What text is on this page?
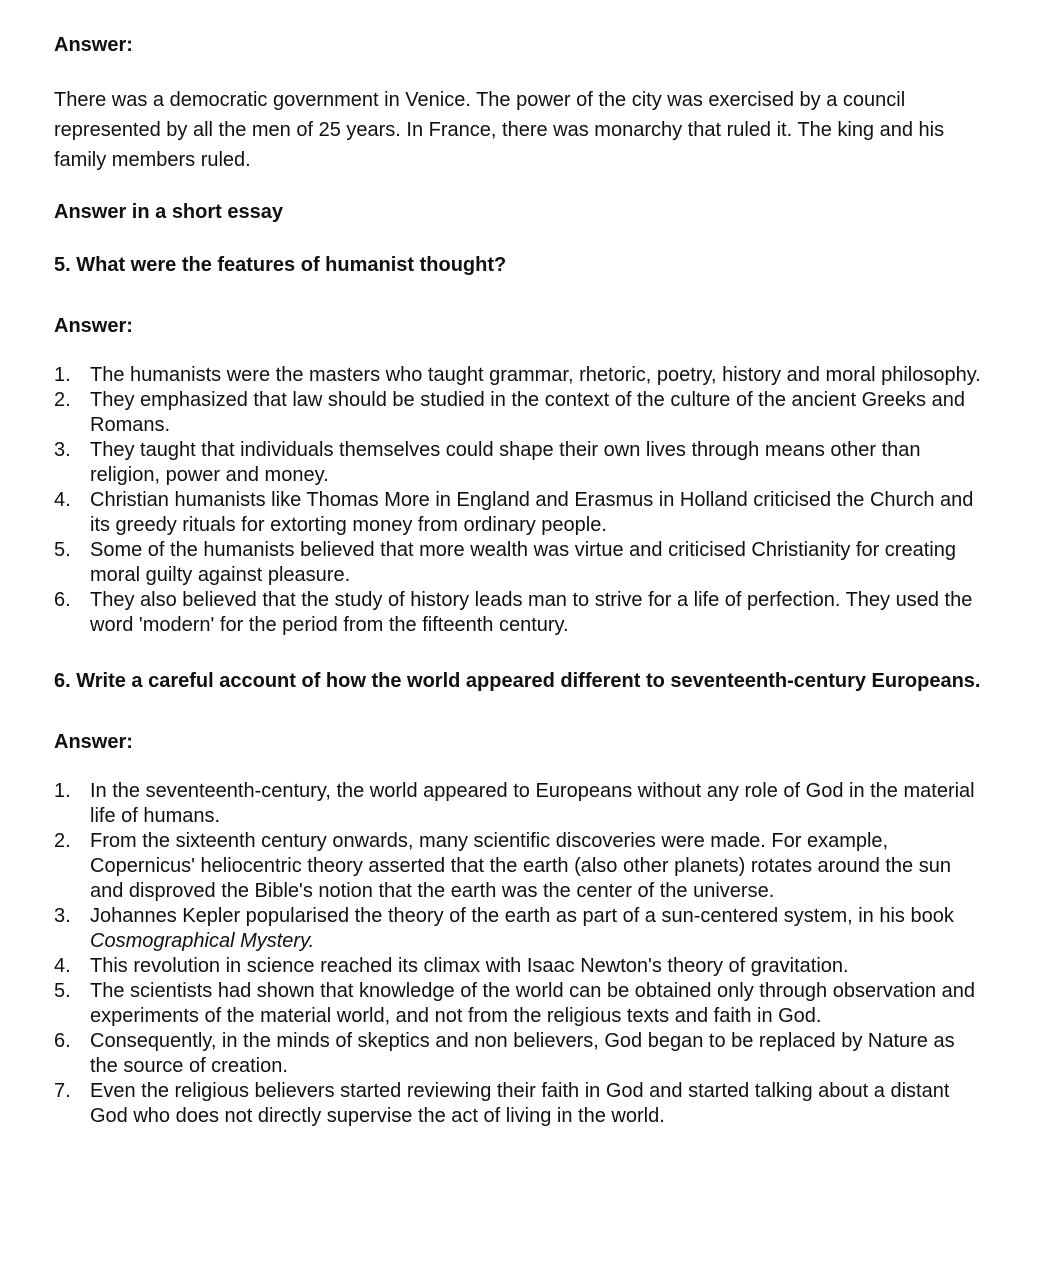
Answer:

There was a democratic government in Venice. The power of the city was exercised by a council represented by all the men of 25 years. In France, there was monarchy that ruled it. The king and his family members ruled.

Answer in a short essay

5. What were the features of humanist thought?

Answer:

1. The humanists were the masters who taught grammar, rhetoric, poetry, history and moral philosophy.
2. They emphasized that law should be studied in the context of the culture of the ancient Greeks and Romans.
3. They taught that individuals themselves could shape their own lives through means other than religion, power and money.
4. Christian humanists like Thomas More in England and Erasmus in Holland criticised the Church and its greedy rituals for extorting money from ordinary people.
5. Some of the humanists believed that more wealth was virtue and criticised Christianity for creating moral guilty against pleasure.
6. They also believed that the study of history leads man to strive for a life of perfection. They used the word 'modern' for the period from the fifteenth century.

6. Write a careful account of how the world appeared different to seventeenth-century Europeans.

Answer:

1. In the seventeenth-century, the world appeared to Europeans without any role of God in the material life of humans.
2. From the sixteenth century onwards, many scientific discoveries were made. For example, Copernicus' heliocentric theory asserted that the earth (also other planets) rotates around the sun and disproved the Bible's notion that the earth was the center of the universe.
3. Johannes Kepler popularised the theory of the earth as part of a sun-centered system, in his book Cosmographical Mystery.
4. This revolution in science reached its climax with Isaac Newton's theory of gravitation.
5. The scientists had shown that knowledge of the world can be obtained only through observation and experiments of the material world, and not from the religious texts and faith in God.
6. Consequently, in the minds of skeptics and non believers, God began to be replaced by Nature as the source of creation.
7. Even the religious believers started reviewing their faith in God and started talking about a distant God who does not directly supervise the act of living in the world.
